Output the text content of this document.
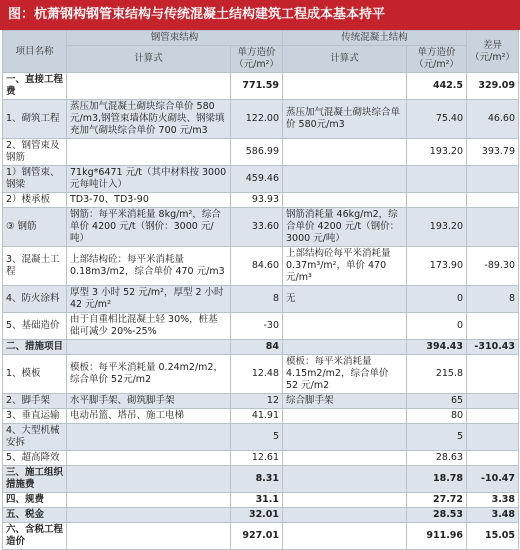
图：杭萧钢构钢管束结构与传统混凝土结构建筑工程成本基本持平
项目名称	钢管束结构		传统混凝土结构		差异（元/m²）
	计算式	单方造价（元/m²）	计算式	单方造价（元/m²）	
一、直接工程费		771.59		442.5	329.09
1、砌筑工程	蒸压加气混凝土砌块综合单价 580元/m3,钢管束墙体防火砌块、钢梁填充加气砌块综合单价 700 元/m3	122.00	蒸压加气混凝土砌块综合单价 580元/m3	75.40	46.60
2、钢管束及钢筋		586.99		193.20	393.79
1）钢管束、钢梁	71kg*6471 元/t（其中材料按 3000元每吨计入）	459.46			
2）楼承板	TD3-70、TD3-90	93.93			
③ 钢筋	钢筋：每平米消耗量 8kg/m²，综合单价 4200 元/t（钢价：3000 元/吨）	33.60	钢筋消耗量 46kg/m2，综合单价 4200 元/t（钢价：3000 元/吨）	193.20	
3、混凝土工程	上部结构砼：每平米消耗量0.18m3/m2，综合单价 470 元/m3	84.60	上部结构砼每平米消耗量 0.37m³/m²，单价 470 元/m³	173.90	-89.30
4、防火涂料	厚型 3 小时 52 元/m²，厚型 2 小时 42 元/m²	8	无	0	8
5、基础造价	由于自重相比混凝土轻 30%，桩基础可减少 20%-25%	-30		0	
二、措施项目		84		394.43	-310.43
1、模板	模板：每平米消耗量 0.24m2/m2，综合单价 52元/m2	12.48	模板：每平米消耗量 4.15m2/m2，综合单价 52 元/m2	215.8	
2、脚手架	水平脚手架、砌筑脚手架	12	综合脚手架	65	
3、垂直运输	电动吊篮、塔吊、施工电梯	41.91		80	
4、大型机械安拆		5		5	
5、超高降效		12.61		28.63	
三、施工组织措施费		8.31		18.78	-10.47
四、规费		31.1		27.72	3.38
五、税金		32.01		28.53	3.48
六、含税工程造价		927.01		911.96	15.05
